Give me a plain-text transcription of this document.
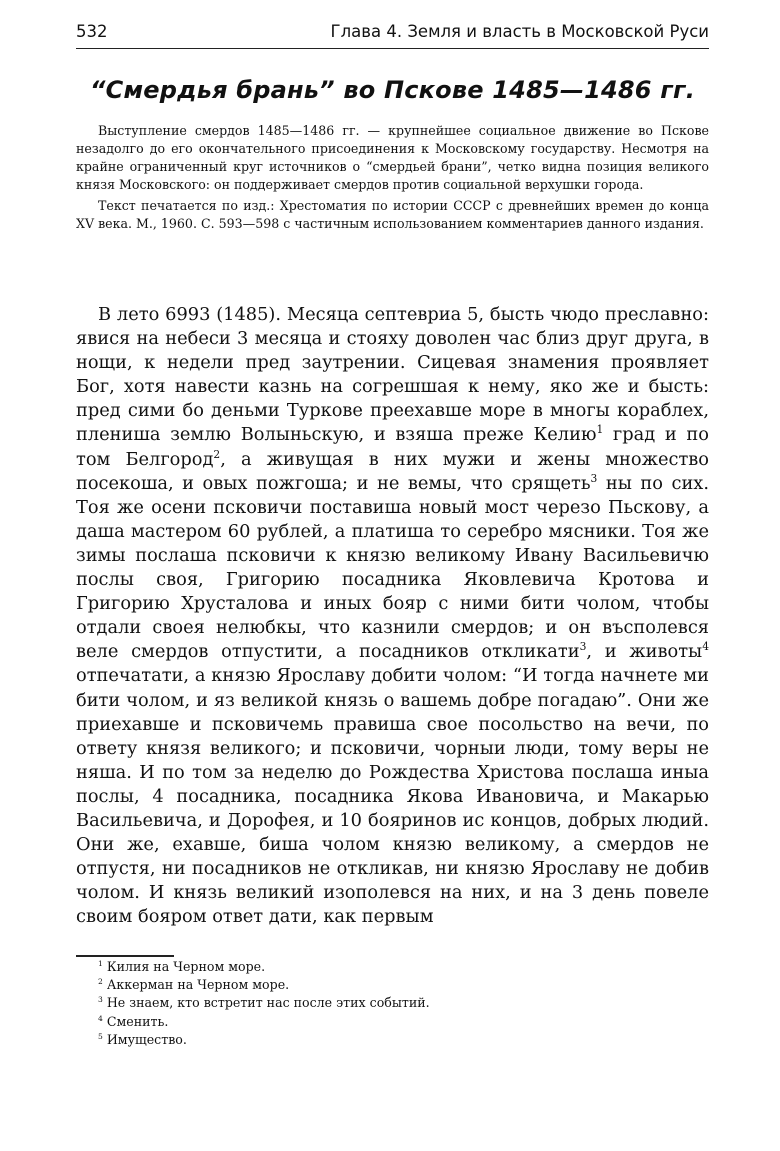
532	Глава 4. Земля и власть в Московской Руси
“Смердья брань” во Пскове 1485—1486 гг.

Выступление смердов 1485—1486 гг. — крупнейшее социальное движение во Пскове незадолго до его окончательного присоединения к Московскому государству. Несмотря на крайне ограниченный круг источников о “смердьей брани”, четко видна позиция великого князя Московского: он поддерживает смердов против социальной верхушки города.

Текст печатается по изд.: Хрестоматия по истории СССР с древнейших времен до конца XV века. М., 1960. С. 593—598 с частичным использованием комментариев данного издания.

В лето 6993 (1485). Месяца септевриа 5, бысть чюдо преславно: явися на небеси 3 месяца и стояху доволен час близ друг друга, в нощи, к недели пред заутрении. Сицевая знамения проявляет Бог, хотя навести казнь на согрешшая к нему, яко же и бысть: пред сими бо деньми Туркове преехавше море в многы кораблех, плениша землю Волыньскую, и взяша преже Келию$^1$ град и по том Белгород$^2$, а живущая в них мужи и жены множество посекоша, и овых пожгоша; и не вемы, что срящеть$^3$ ны по сих. Тоя же осени псковичи поставиша новый мост черезо Пьскову, а даша мастером 60 рублей, а платиша то серебро мясники. Тоя же зимы послаша псковичи к князю великому Ивану Васильевичю послы своя, Григорию посадника Яковлевича Кротова и Григорию Хрусталова и иных бояр с ними бити чолом, чтобы отдали своея нелюбкы, что казнили смердов; и он въсполевся веле смердов отпустити, а посадников откликати$^3$, и животы$^4$ отпечатати, а князю Ярославу добити чолом: “И тогда начнете ми бити чолом, и яз великой князь о вашемь добре погадаю”. Они же приехавше и псковичемь правиша свое посольство на вечи, по ответу князя великого; и псковичи, чорныи люди, тому веры не няша. И по том за неделю до Рождества Христова послаша иныа послы, 4 посадника, посадника Якова Ивановича, и Макарью Васильевича, и Дорофея, и 10 бояринов ис концов, добрых людий. Они же, ехавше, биша чолом князю великому, а смердов не отпустя, ни посадников не откликав, ни князю Ярославу не добив чолом. И князь великий изополевся на них, и на 3 день повеле своим бояром ответ дати, как первым

$^1$ Килия на Черном море.
$^2$ Аккерман на Черном море.
$^3$ Не знаем, кто встретит нас после этих событий.
$^4$ Сменить.
$^5$ Имущество.
